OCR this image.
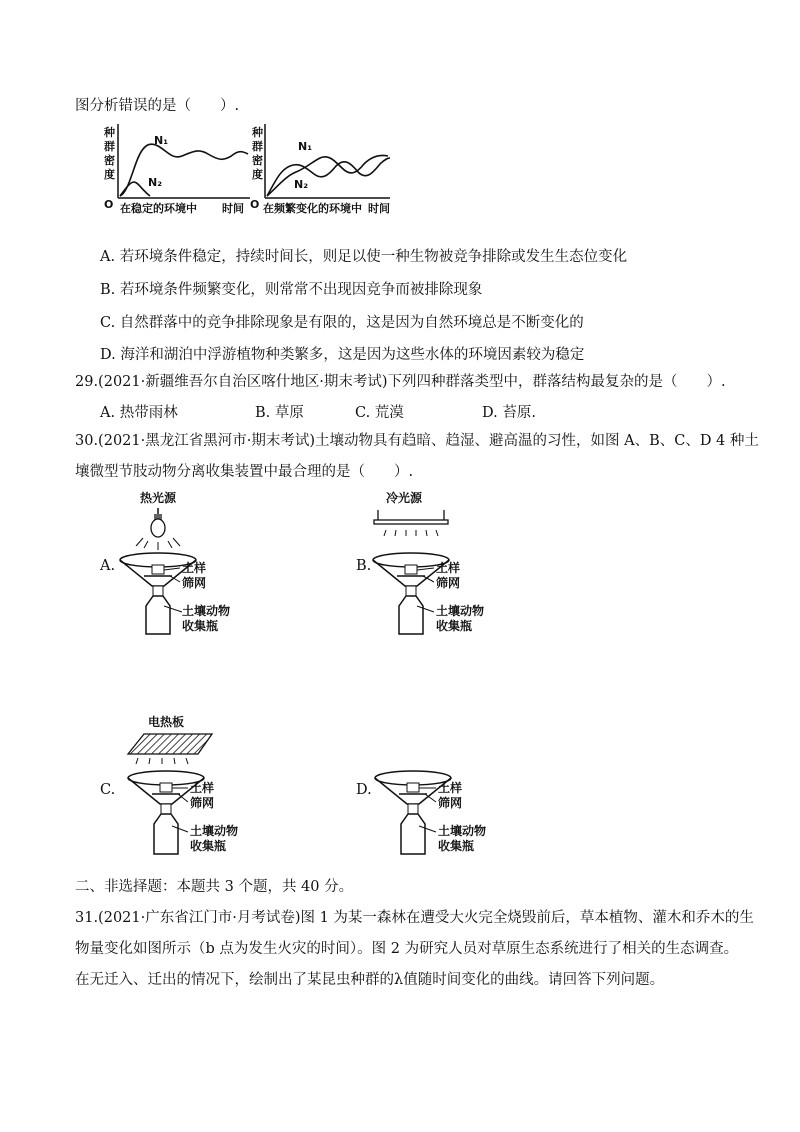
图分析错误的是（　　）.
种
群
密
度
O 在稳定的环境中 时间
N₁
N₂
种
群
密
度
O 在频繁变化的环境中 时间
N₁
N₂
A. 若环境条件稳定，持续时间长，则足以使一种生物被竞争排除或发生生态位变化
B. 若环境条件频繁变化，则常常不出现因竞争而被排除现象
C. 自然群落中的竞争排除现象是有限的，这是因为自然环境总是不断变化的
D. 海洋和湖泊中浮游植物种类繁多，这是因为这些水体的环境因素较为稳定
29.(2021·新疆维吾尔自治区喀什地区·期末考试)下列四种群落类型中，群落结构最复杂的是（　　）.
A. 热带雨林	B. 草原	C. 荒漠	D. 苔原.
30.(2021·黑龙江省黑河市·期末考试)土壤动物具有趋暗、趋湿、避高温的习性，如图 A、B、C、D 4 种土
壤微型节肢动物分离收集装置中最合理的是（　　）.
热光源
土样
筛网
土壤动物
收集瓶
A.
冷光源
土样
筛网
土壤动物
收集瓶
B.
电热板
土样
筛网
土壤动物
收集瓶
C.	土样
筛网
土壤动物
收集瓶
D.
二、非选择题：本题共 3 个题，共 40 分。
31.(2021·广东省江门市·月考试卷)图 1 为某一森林在遭受大火完全烧毁前后，草本植物、灌木和乔木的生
物量变化如图所示（b 点为发生火灾的时间）。图 2 为研究人员对草原生态系统进行了相关的生态调查。
在无迁入、迁出的情况下，绘制出了某昆虫种群的λ值随时间变化的曲线。请回答下列问题。
